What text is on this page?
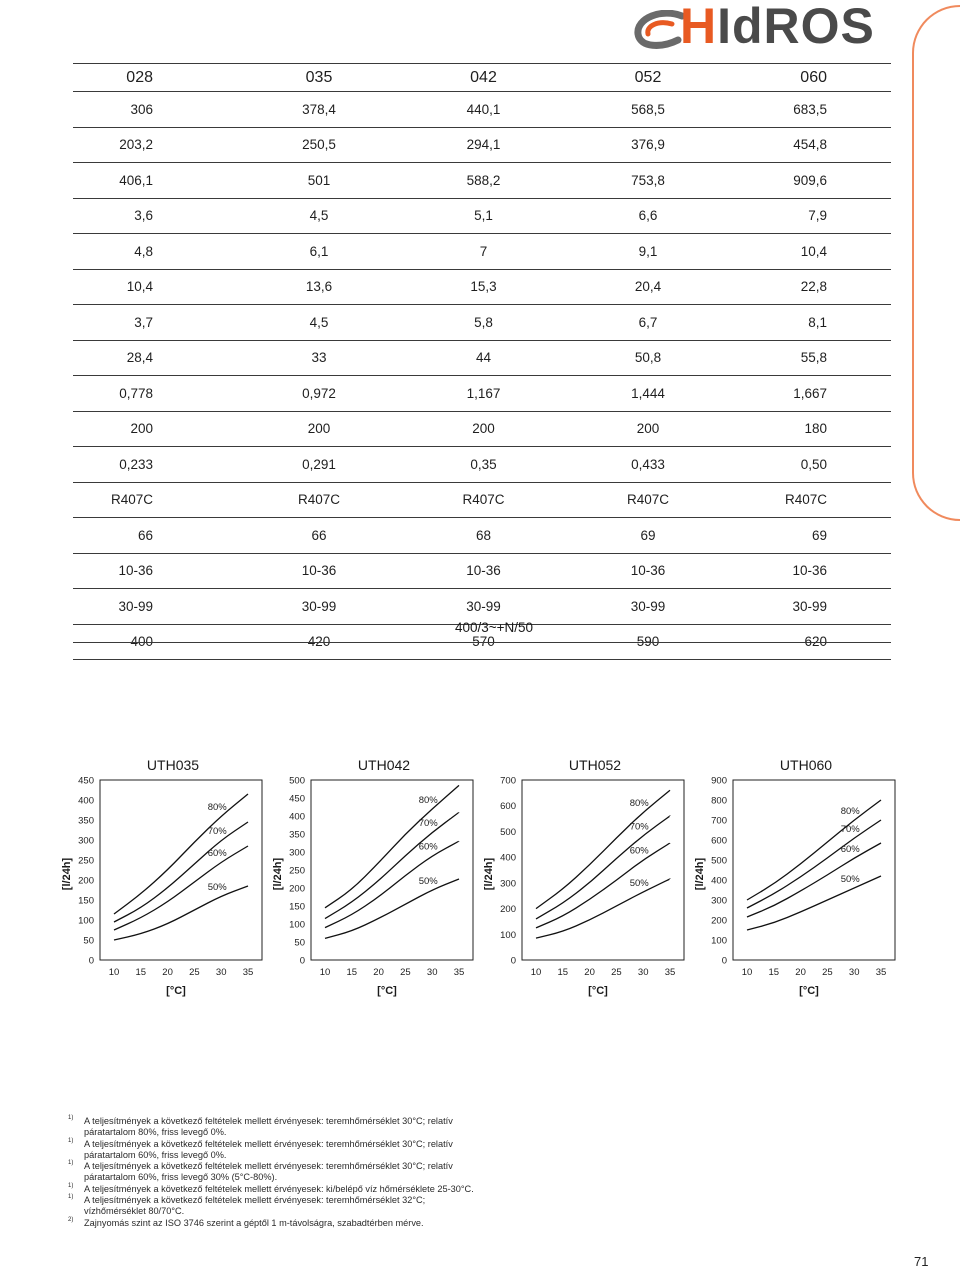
HIdROS
028	035	042	052	060
306	378,4	440,1	568,5	683,5
203,2	250,5	294,1	376,9	454,8
406,1	501	588,2	753,8	909,6
3,6	4,5	5,1	6,6	7,9
4,8	6,1	7	9,1	10,4
10,4	13,6	15,3	20,4	22,8
3,7	4,5	5,8	6,7	8,1
28,4	33	44	50,8	55,8
0,778	0,972	1,167	1,444	1,667
200	200	200	200	180
0,233	0,291	0,35	0,433	0,50
R407C	R407C	R407C	R407C	R407C
66	66	68	69	69
10-36	10-36	10-36	10-36	10-36
30-99	30-99	30-99	30-99	30-99
400	420	570	590	620
400/3~+N/50
UTH035
0
50
100
150
200
250
300
350
400
450
10 15 20 25 30 35
[l/24h]
[°C]
80%
70%
60%
50%
UTH042
0
50
100
150
200
250
300
350
400
450
500
10 15 20 25 30 35
[l/24h]
[°C]
80%
70%
60%
50%
UTH052
0
100
200
300
400
500
600
700
10 15 20 25 30 35
[l/24h]
[°C]
80%
70%
60%
50%
UTH060
0
100
200
300
400
500
600
700
800
900
10 15 20 25 30 35
[l/24h]
[°C]
80%
70%
60%
50%
1) A teljesítmények a következő feltételek mellett érvényesek: teremhőmérséklet 30°C; relatív
páratartalom 80%, friss levegő 0%.
1) A teljesítmények a következő feltételek mellett érvényesek: teremhőmérséklet 30°C; relatív
páratartalom 60%, friss levegő 0%.
1) A teljesítmények a következő feltételek mellett érvényesek: teremhőmérséklet 30°C; relatív
páratartalom 60%, friss levegő 30% (5°C-80%).
1) A teljesítmények a következő feltételek mellett érvényesek: ki/belépő víz hőmérséklete 25-30°C.
1) A teljesítmények a következő feltételek mellett érvényesek: teremhőmérséklet 32°C;
vízhőmérséklet 80/70°C.
2) Zajnyomás szint az ISO 3746 szerint a géptől 1 m-távolságra, szabadtérben mérve.
71
